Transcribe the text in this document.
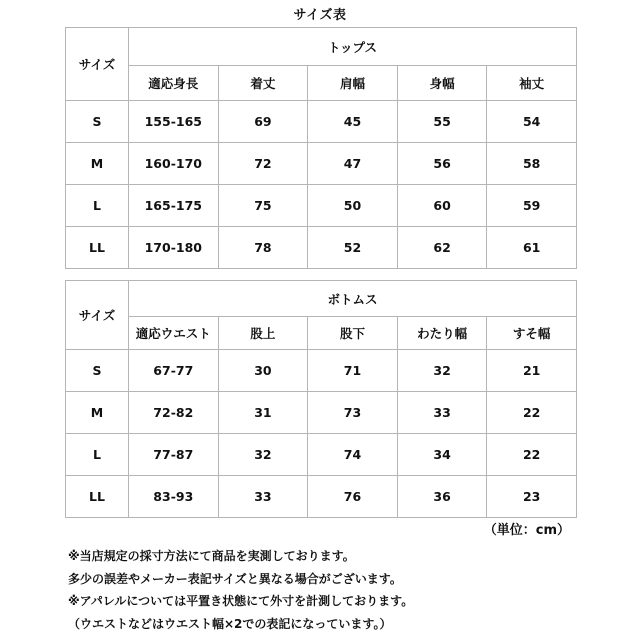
サイズ表
サイズ	トップス				
	適応身長	着丈	肩幅	身幅	袖丈
S	155-165	69	45	55	54
M	160-170	72	47	56	58
L	165-175	75	50	60	59
LL	170-180	78	52	62	61
サイズ	ボトムス				
	適応ウエスト	股上	股下	わたり幅	すそ幅
S	67-77	30	71	32	21
M	72-82	31	73	33	22
L	77-87	32	74	34	22
LL	83-93	33	76	36	23
（単位：cm）
※当店規定の採寸方法にて商品を実測しております。
多少の誤差やメーカー表記サイズと異なる場合がございます。
※アパレルについては平置き状態にて外寸を計測しております。
（ウエストなどはウエスト幅×2での表記になっています。）
